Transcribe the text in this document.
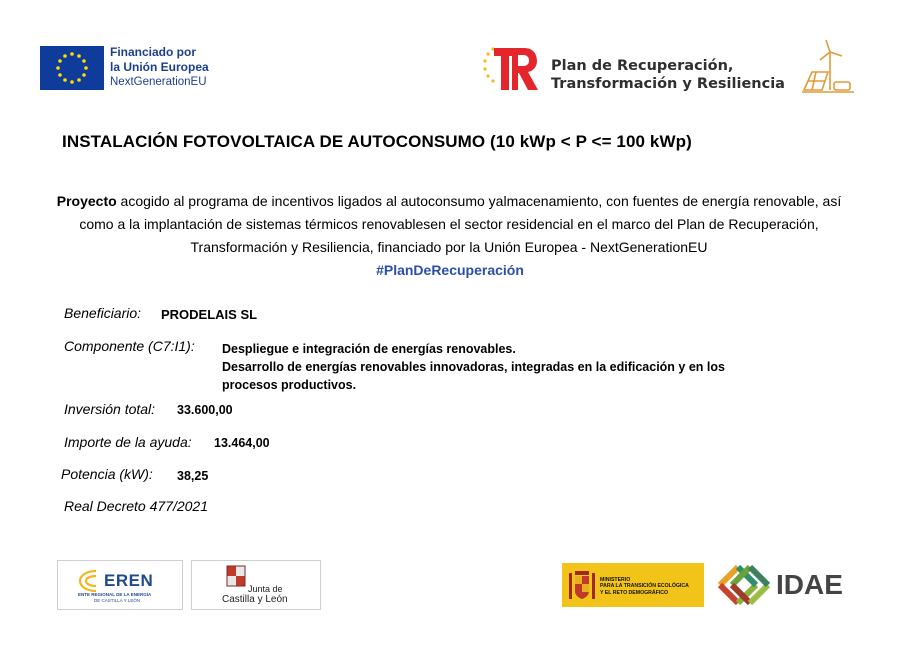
Financiado por
la Unión Europea
NextGenerationEU
Plan de Recuperación,
Transformación y Resiliencia
INSTALACIÓN FOTOVOLTAICA DE AUTOCONSUMO (10 kWp < P <= 100 kWp)
Proyecto acogido al programa de incentivos ligados al autoconsumo yalmacenamiento, con fuentes de energía renovable, así como a la implantación de sistemas térmicos renovablesen el sector residencial en el marco del Plan de Recuperación, Transformación y Resiliencia, financiado por la Unión Europea - NextGenerationEU
#PlanDeRecuperación
Beneficiario: PRODELAIS SL
Componente (C7:I1): Despliegue e integración de energías renovables.
Desarrollo de energías renovables innovadoras, integradas en la edificación y en los
procesos productivos.
Inversión total: 33.600,00
Importe de la ayuda: 13.464,00
Potencia (kW): 38,25
Real Decreto 477/2021
EREN
ENTE REGIONAL DE LA ENERGÍA
DE CASTILLA Y LEÓN
Junta de
Castilla y León
MINISTERIO
PARA LA TRANSICIÓN ECOLÓGICA
Y EL RETO DEMOGRÁFICO	IDAE
